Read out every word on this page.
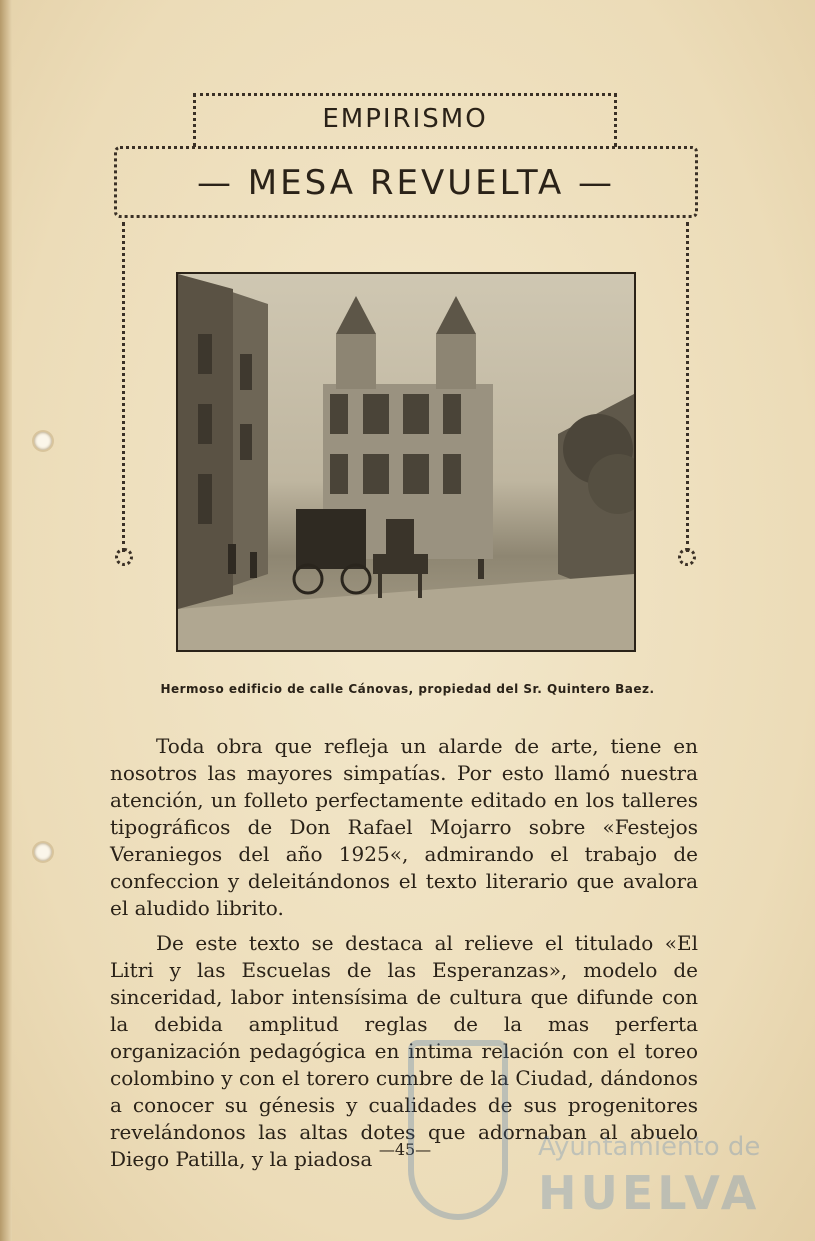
EMPIRISMO
— MESA REVUELTA —
Hermoso edificio de calle Cánovas, propiedad del Sr. Quintero Baez.

Toda obra que refleja un alarde de arte, tiene en nosotros las mayores simpatías. Por esto llamó nuestra atención, un folleto perfectamente editado en los talleres tipográficos de Don Rafael Mojarro sobre «Festejos Veraniegos del año 1925«, admirando el trabajo de confeccion y deleitándonos el texto literario que avalora el aludido librito.

De este texto se destaca al relieve el titulado «El Litri y las Escuelas de las Esperanzas», modelo de sinceridad, labor intensísima de cultura que difunde con la debida amplitud reglas de la mas perferta organización pedagógica en intima relación con el toreo colombino y con el torero cumbre de la Ciudad, dándonos a conocer su génesis y cualidades de sus progenitores revelándonos las altas dotes que adornaban al abuelo Diego Patilla, y la piadosa —45—	Ayuntamiento de
HUELVA
